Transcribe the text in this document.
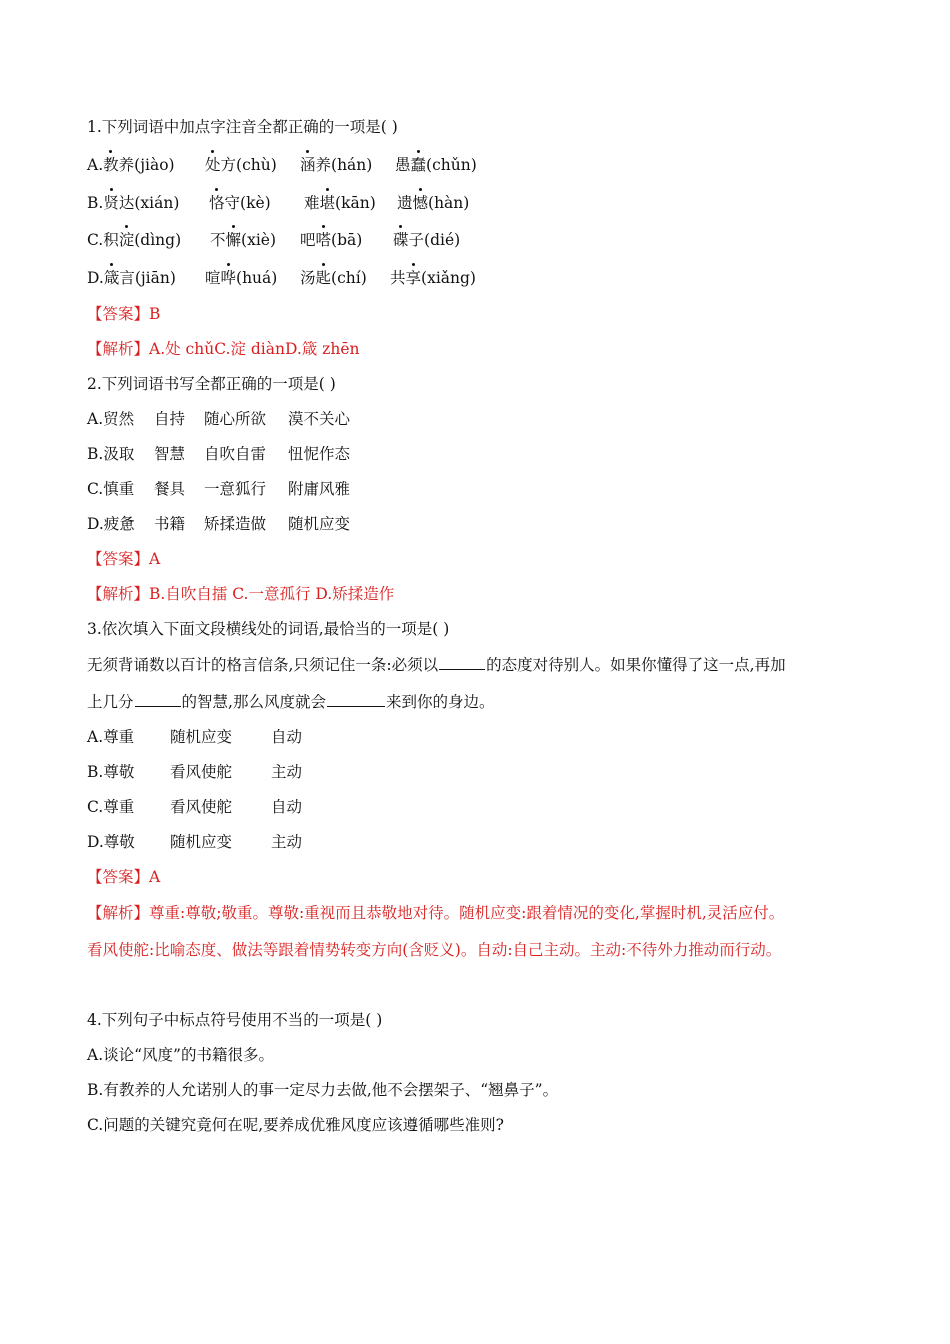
1.下列词语中加点字注音全都正确的一项是( )
A.教养(jiào) 处方(chù) 涵养(hán) 愚蠢(chǔn)
B.贤达(xián) 恪守(kè) 难堪(kān) 遗憾(hàn)
C.积淀(dìng) 不懈(xiè) 吧嗒(bā) 碟子(dié)
D.箴言(jiān) 喧哗(huá) 汤匙(chí) 共享(xiǎng)
【答案】B
【解析】A.处 chǔC.淀 diànD.箴 zhēn
2.下列词语书写全都正确的一项是( )
A.贸然 自持 随心所欲 漠不关心
B.汲取 智慧 自吹自雷 忸怩作态
C.慎重 餐具 一意狐行 附庸风雅
D.疲惫 书籍 矫揉造做 随机应变
【答案】A
【解析】B.自吹自擂 C.一意孤行 D.矫揉造作
3.依次填入下面文段横线处的词语,最恰当的一项是( )
无须背诵数以百计的格言信条,只须记住一条:必须以	的态度对待别人。如果你懂得了这一点,再加
上几分	的智慧,那么风度就会	来到你的身边。
A.尊重 随机应变	自动
B.尊敬 看风使舵	主动
C.尊重 看风使舵	自动
D.尊敬 随机应变	主动
【答案】A
【解析】尊重:尊敬;敬重。尊敬:重视而且恭敬地对待。随机应变:跟着情况的变化,掌握时机,灵活应付。
看风使舵:比喻态度、做法等跟着情势转变方向(含贬义)。自动:自己主动。主动:不待外力推动而行动。
4.下列句子中标点符号使用不当的一项是( )
A.谈论“风度”的书籍很多。
B.有教养的人允诺别人的事一定尽力去做,他不会摆架子、“翘鼻子”。
C.问题的关键究竟何在呢,要养成优雅风度应该遵循哪些准则?
